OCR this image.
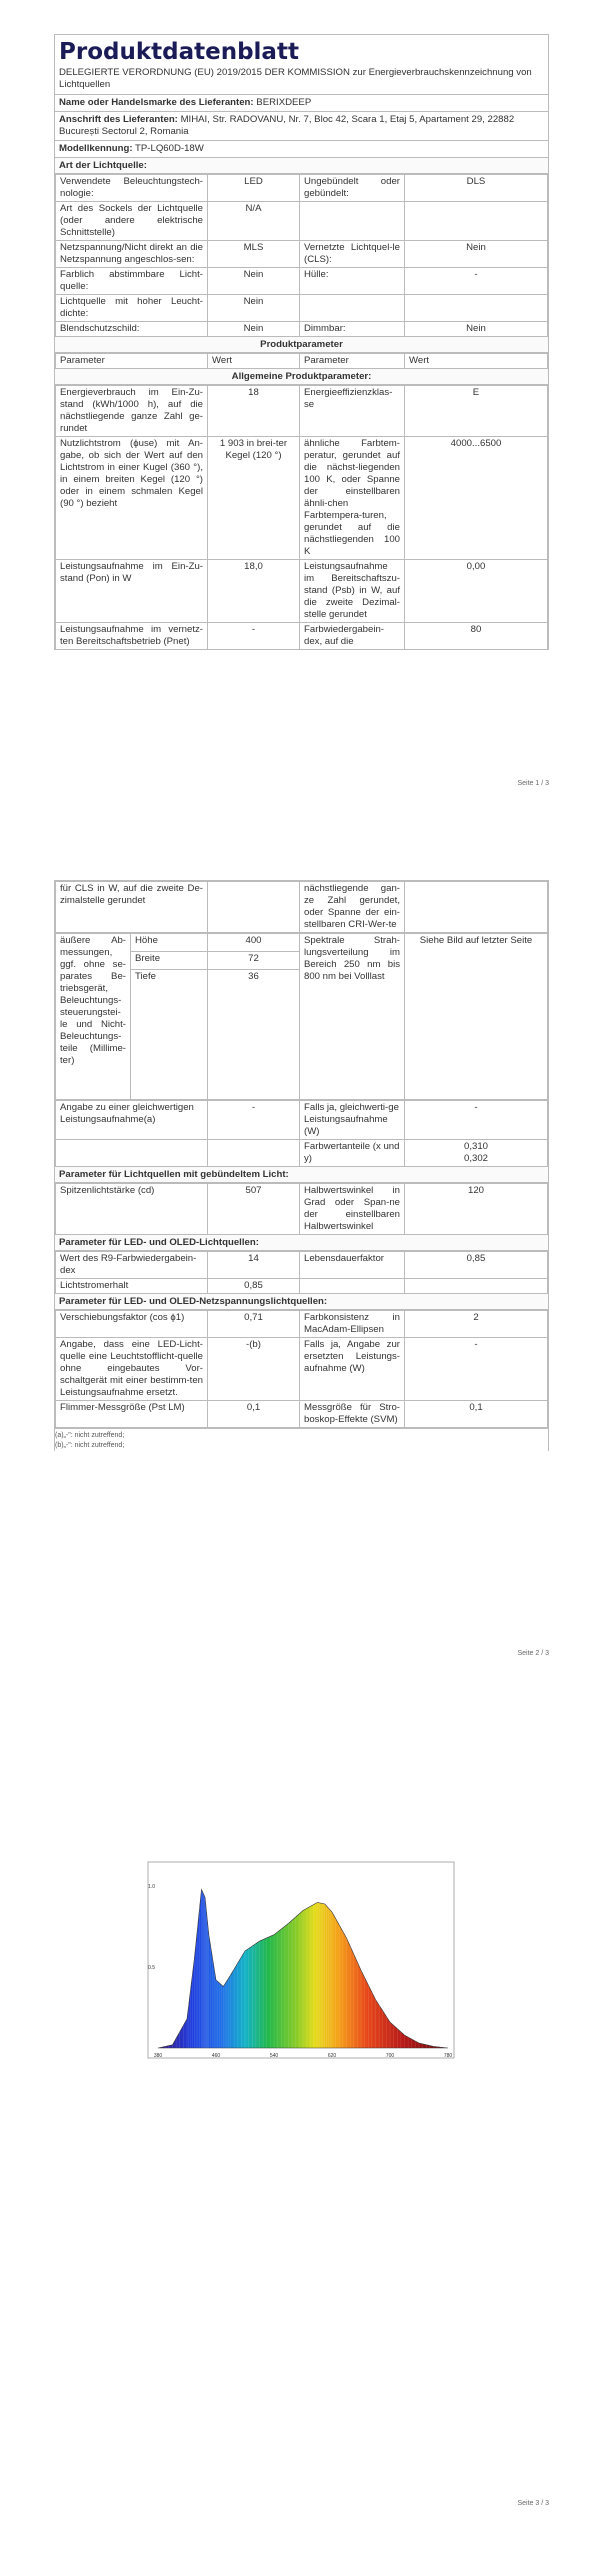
Produktdatenblatt
DELEGIERTE VERORDNUNG (EU) 2019/2015 DER KOMMISSION zur Energieverbrauchskennzeichnung von Lichtquellen
Name oder Handelsmarke des Lieferanten: BERIXDEEP
Anschrift des Lieferanten: MIHAI, Str. RADOVANU, Nr. 7, Bloc 42, Scara 1, Etaj 5, Apartament 29, 22882 București Sectorul 2, Romania
Modellkennung: TP-LQ60D-18W
Art der Lichtquelle:
Verwendete Beleuchtungstech-nologie:	LED	Ungebündelt oder gebündelt:	DLS
Art des Sockels der Lichtquelle (oder andere elektrische Schnittstelle)	N/A		
Netzspannung/Nicht direkt an die Netzspannung angeschlos-sen:	MLS	Vernetzte Lichtquel-le (CLS):	Nein
Farblich abstimmbare Licht-quelle:	Nein	Hülle:	-
Lichtquelle mit hoher Leucht-dichte:	Nein		
Blendschutzschild:	Nein	Dimmbar:	Nein
Produktparameter
Parameter	Wert	Parameter	Wert
Allgemeine Produktparameter:
Energieverbrauch im Ein-Zu-stand (kWh/1000 h), auf die nächstliegende ganze Zahl ge-rundet	18	Energieeffizienzklas-se	E
Nutzlichtstrom (ϕuse) mit An-gabe, ob sich der Wert auf den Lichtstrom in einer Kugel (360 °), in einem breiten Kegel (120 °) oder in einem schmalen Kegel (90 °) bezieht	1 903 in brei-ter Kegel (120 °)	ähnliche Farbtem-peratur, gerundet auf die nächst-liegenden 100 K, oder Spanne der einstellbaren ähnli-chen Farbtempera-turen, gerundet auf die nächstliegenden 100 K	4000...6500
Leistungsaufnahme im Ein-Zu-stand (Pon) in W	18,0	Leistungsaufnahme im Bereitschaftszu-stand (Psb) in W, auf die zweite Dezimal-stelle gerundet	0,00
Leistungsaufnahme im vernetz-ten Bereitschaftsbetrieb (Pnet)	-	Farbwiedergabein-dex, auf die	80
Seite 1 / 3
für CLS in W, auf die zweite De-zimalstelle gerundet		nächstliegende gan-ze Zahl gerundet, oder Spanne der ein-stellbaren CRI-Wer-te	
äußere Ab-messungen, ggf. ohne se-parates Be-triebsgerät, Beleuchtungs-steuerungstei-le und Nicht-Beleuchtungs-teile (Millime-ter)	Höhe	400	Spektrale Strah-lungsverteilung im Bereich 250 nm bis 800 nm bei Volllast	Siehe Bild auf letzter Seite
	Breite	72		
	Tiefe	36		
Angabe zu einer gleichwertigen Leistungsaufnahme(a)	-	Falls ja, gleichwerti-ge Leistungsaufnahme (W)	-
		Farbwertanteile (x und y)	0,310
0,302
Parameter für Lichtquellen mit gebündeltem Licht:
Spitzenlichtstärke (cd)	507	Halbwertswinkel in Grad oder Span-ne der einstellbaren Halbwertswinkel	120
Parameter für LED- und OLED-Lichtquellen:
Wert des R9-Farbwiedergabein-dex	14	Lebensdauerfaktor	0,85
Lichtstromerhalt	0,85		
Parameter für LED- und OLED-Netzspannungslichtquellen:
Verschiebungsfaktor (cos ϕ1)	0,71	Farbkonsistenz in MacAdam-Ellipsen	2
Angabe, dass eine LED-Licht-quelle eine Leuchtstofflicht-quelle ohne eingebautes Vor-schaltgerät mit einer bestimm-ten Leistungsaufnahme ersetzt.	-(b)	Falls ja, Angabe zur ersetzten Leistungs-aufnahme (W)	-
Flimmer-Messgröße (Pst LM)	0,1	Messgröße für Stro-boskop-Effekte (SVM)	0,1
(a)„-": nicht zutreffend;
(b)„-": nicht zutreffend;
Seite 2 / 3
Seite 3 / 3
380	460	540	620	700	780
0.5
1.0
